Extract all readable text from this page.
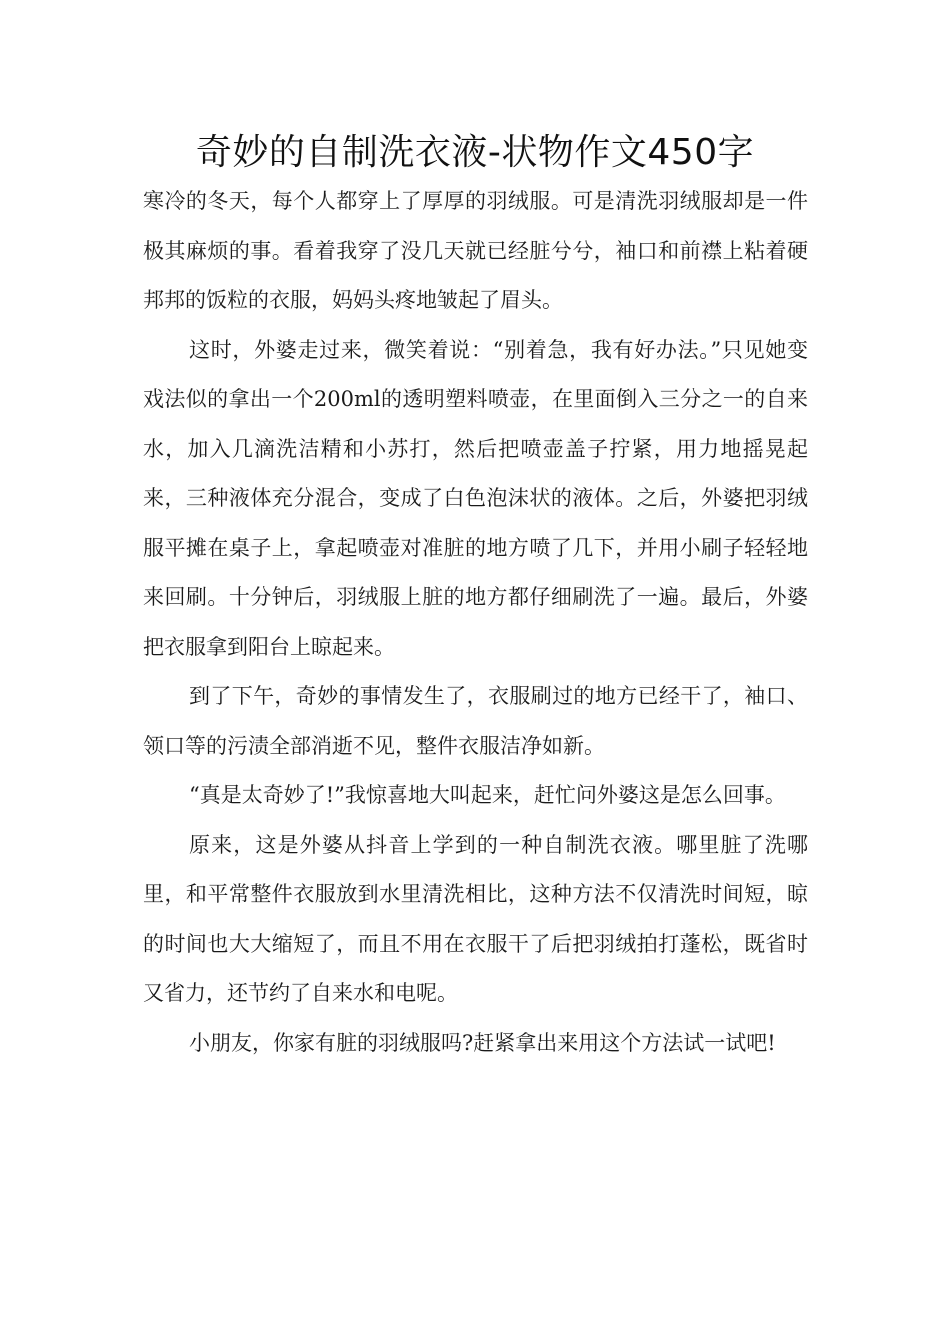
奇妙的自制洗衣液-状物作文450字

寒冷的冬天，每个人都穿上了厚厚的羽绒服。可是清洗羽绒服却是一件极其麻烦的事。看着我穿了没几天就已经脏兮兮，袖口和前襟上粘着硬邦邦的饭粒的衣服，妈妈头疼地皱起了眉头。

这时，外婆走过来，微笑着说：“别着急，我有好办法。”只见她变戏法似的拿出一个200ml的透明塑料喷壶，在里面倒入三分之一的自来水，加入几滴洗洁精和小苏打，然后把喷壶盖子拧紧，用力地摇晃起来，三种液体充分混合，变成了白色泡沫状的液体。之后，外婆把羽绒服平摊在桌子上，拿起喷壶对准脏的地方喷了几下，并用小刷子轻轻地来回刷。十分钟后，羽绒服上脏的地方都仔细刷洗了一遍。最后，外婆把衣服拿到阳台上晾起来。

到了下午，奇妙的事情发生了，衣服刷过的地方已经干了，袖口、领口等的污渍全部消逝不见，整件衣服洁净如新。

“真是太奇妙了!”我惊喜地大叫起来，赶忙问外婆这是怎么回事。

原来，这是外婆从抖音上学到的一种自制洗衣液。哪里脏了洗哪里，和平常整件衣服放到水里清洗相比，这种方法不仅清洗时间短，晾的时间也大大缩短了，而且不用在衣服干了后把羽绒拍打蓬松，既省时又省力，还节约了自来水和电呢。

小朋友，你家有脏的羽绒服吗?赶紧拿出来用这个方法试一试吧!
